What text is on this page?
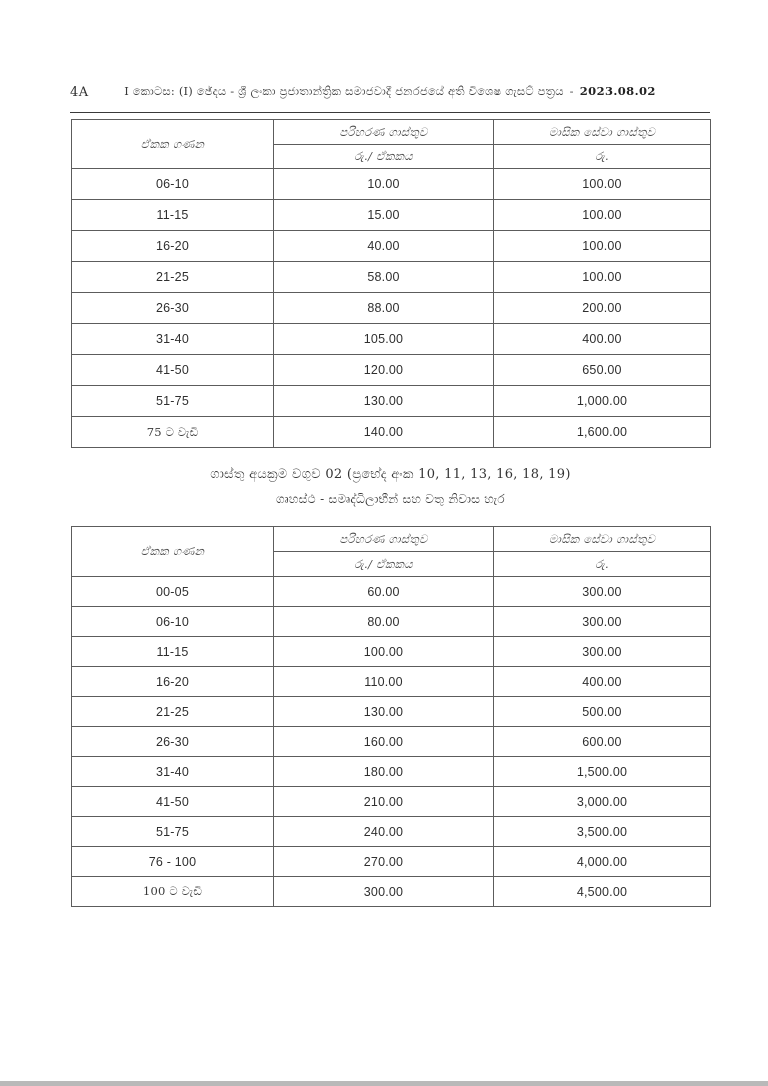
4A	I කොටස: (I) ඡේදය - ශ්‍රී ලංකා ප්‍රජාතාන්ත්‍රික සමාජවාදී ජනරජයේ අති විශෙෂ ගැසට් පත්‍රය - 2023.08.02
ඒකක ගණන	පරිහරණ ගාස්තුව	මාසික සේවා ගාස්තුව
	රු./ ඒකකය	රු.
06-10	10.00	100.00
11-15	15.00	100.00
16-20	40.00	100.00
21-25	58.00	100.00
26-30	88.00	200.00
31-40	105.00	400.00
41-50	120.00	650.00
51-75	130.00	1,000.00
75 ට වැඩි	140.00	1,600.00
ගාස්තු අයක්‍රම වගුව 02 (ප්‍රභේද අංක 10, 11, 13, 16, 18, 19)
ගෘහස්ථ - සමෘද්ධිලාභීන් සහ වතු නිවාස හැර
ඒකක ගණන	පරිහරණ ගාස්තුව	මාසික සේවා ගාස්තුව
	රු./ ඒකකය	රු.
00-05	60.00	300.00
06-10	80.00	300.00
11-15	100.00	300.00
16-20	110.00	400.00
21-25	130.00	500.00
26-30	160.00	600.00
31-40	180.00	1,500.00
41-50	210.00	3,000.00
51-75	240.00	3,500.00
76 - 100	270.00	4,000.00
100 ට වැඩි	300.00	4,500.00
